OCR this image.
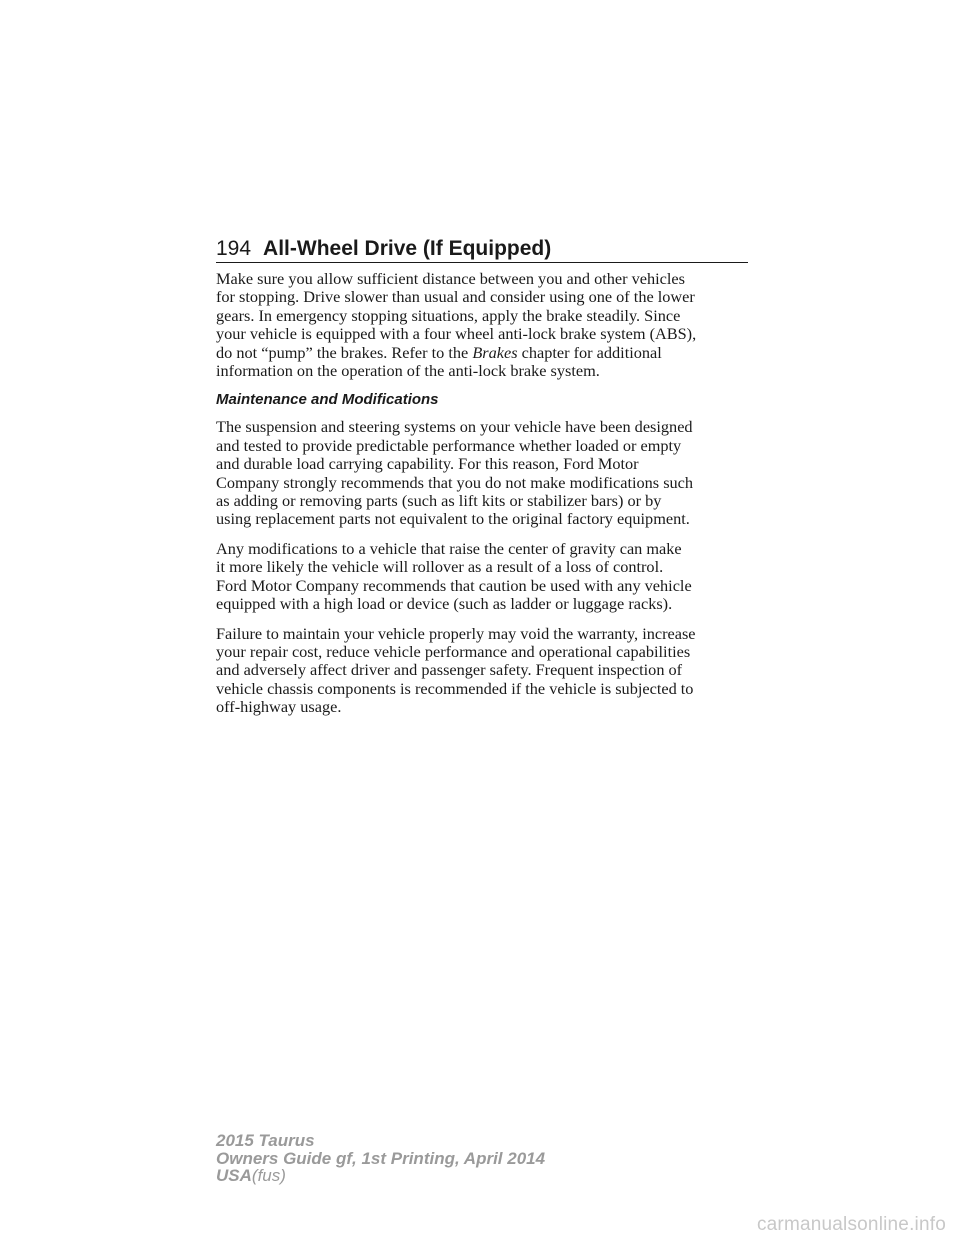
194 All-Wheel Drive (If Equipped)

Make sure you allow sufficient distance between you and other vehicles
for stopping. Drive slower than usual and consider using one of the lower
gears. In emergency stopping situations, apply the brake steadily. Since
your vehicle is equipped with a four wheel anti-lock brake system (ABS),
do not “pump” the brakes. Refer to the Brakes chapter for additional
information on the operation of the anti-lock brake system.

Maintenance and Modifications

The suspension and steering systems on your vehicle have been designed
and tested to provide predictable performance whether loaded or empty
and durable load carrying capability. For this reason, Ford Motor
Company strongly recommends that you do not make modifications such
as adding or removing parts (such as lift kits or stabilizer bars) or by
using replacement parts not equivalent to the original factory equipment.

Any modifications to a vehicle that raise the center of gravity can make
it more likely the vehicle will rollover as a result of a loss of control.
Ford Motor Company recommends that caution be used with any vehicle
equipped with a high load or device (such as ladder or luggage racks).

Failure to maintain your vehicle properly may void the warranty, increase
your repair cost, reduce vehicle performance and operational capabilities
and adversely affect driver and passenger safety. Frequent inspection of
vehicle chassis components is recommended if the vehicle is subjected to
off-highway usage.

2015 Taurus
Owners Guide gf, 1st Printing, April 2014
USA(fus)
carmanualsonline.info
